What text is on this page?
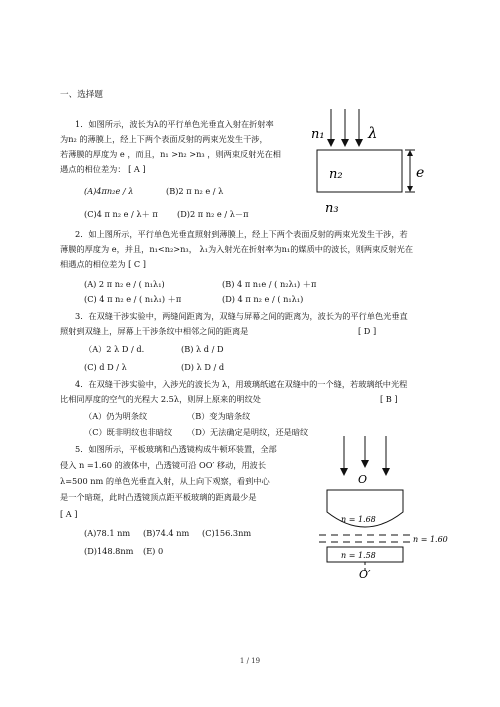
一、选择题
1．如图所示，波长为λ的平行单色光垂直入射在折射率
为n₂ 的薄膜上，经上下两个表面反射的两束光发生干涉，
若薄膜的厚度为 e ，而且，n₁ >n₂ >n₃ ，则两束反射光在相
遇点的相位差为： [ A ]
(A)4πn₂e / λ	(B)2 π n₂ e / λ
(C)4 π n₂ e / λ＋ π (D)2 π n₂ e / λ－π
n₁	λ
n₂	e
n₃
2．如上图所示，平行单色光垂直照射到薄膜上，经上下两个表面反射的两束光发生干涉，若
薄膜的厚度为 e，并且，n₁<n₂>n₃， λ₁为入射光在折射率为n₁的媒质中的波长，则两束反射光在
相遇点的相位差为 [ C ]
(A) 2 π n₂ e / ( n₁λ₁)	(B) 4 π n₁e / ( n₂λ₁) ＋π
(C) 4 π n₂ e / ( n₁λ₁) ＋π	(D) 4 π n₂ e / ( n₁λ₁)
3．在双缝干涉实验中，两缝间距离为，双缝与屏幕之间的距离为，波长为的平行单色光垂直
照射到双缝上，屏幕上干涉条纹中相邻之间的距离是	[ D ]
（A）2 λ D / d.	(B) λ d / D
(C) d D / λ	(D) λ D / d
4．在双缝干涉实验中，入涉光的波长为 λ，用玻璃纸遮在双缝中的一个缝，若玻璃纸中光程
比相同厚度的空气的光程大 2.5λ，则屏上原来的明纹处	[ B ]
（A）仍为明条纹	（B）变为暗条纹
（C）既非明纹也非暗纹 （D）无法确定是明纹，还是暗纹
5．如图所示，平板玻璃和凸透镜构成牛顿环装置，全部
侵入 n =1.60 的液体中，凸透镜可沿 OO′ 移动，用波长
λ=500 nm 的单色光垂直入射，从上向下观察，看到中心
是一个暗斑，此时凸透镜顶点距平板玻璃的距离最少是
[ A ]
(A)78.1 nm (B)74.4 nm (C)156.3nm
(D)148.8nm (E) 0
O
n = 1.68
n = 1.60
n = 1.58
O′
1 / 19
